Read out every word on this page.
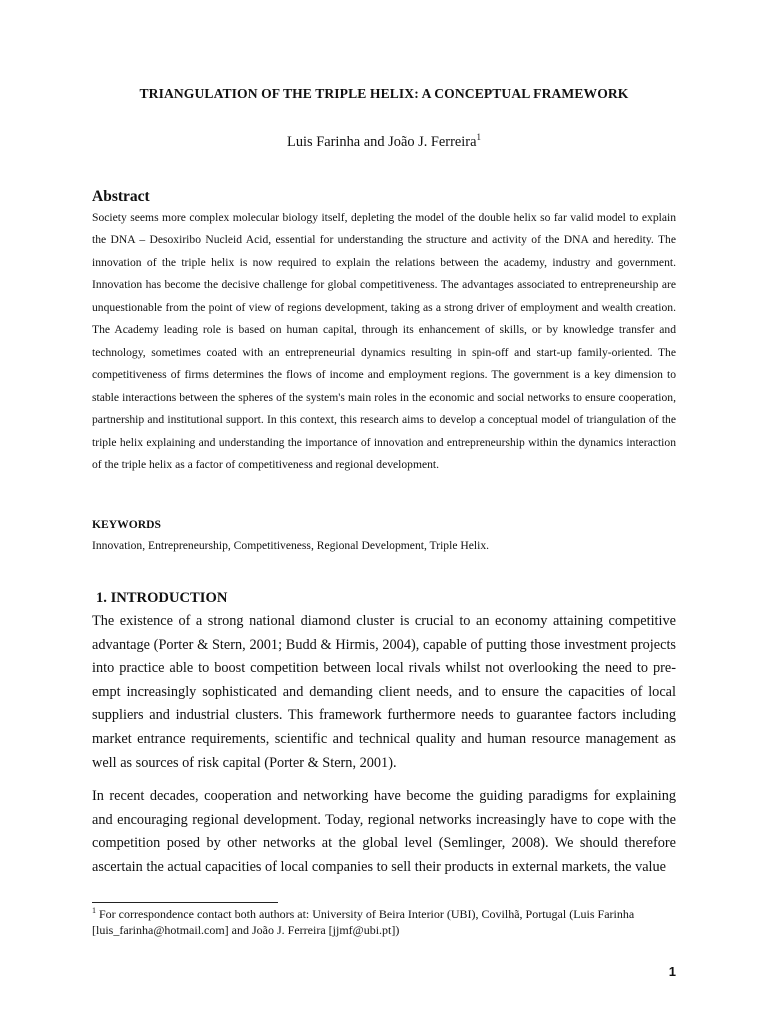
TRIANGULATION OF THE TRIPLE HELIX: A CONCEPTUAL FRAMEWORK
Luis Farinha and João J. Ferreira$^1$
Abstract

Society seems more complex molecular biology itself, depleting the model of the double helix so far valid model to explain the DNA – Desoxiribo Nucleid Acid, essential for understanding the structure and activity of the DNA and heredity. The innovation of the triple helix is now required to explain the relations between the academy, industry and government. Innovation has become the decisive challenge for global competitiveness. The advantages associated to entrepreneurship are unquestionable from the point of view of regions development, taking as a strong driver of employment and wealth creation. The Academy leading role is based on human capital, through its enhancement of skills, or by knowledge transfer and technology, sometimes coated with an entrepreneurial dynamics resulting in spin-off and start-up family-oriented. The competitiveness of firms determines the flows of income and employment regions. The government is a key dimension to stable interactions between the spheres of the system's main roles in the economic and social networks to ensure cooperation, partnership and institutional support. In this context, this research aims to develop a conceptual model of triangulation of the triple helix explaining and understanding the importance of innovation and entrepreneurship within the dynamics interaction of the triple helix as a factor of competitiveness and regional development.

KEYWORDS
Innovation, Entrepreneurship, Competitiveness, Regional Development, Triple Helix.
1. INTRODUCTION

The existence of a strong national diamond cluster is crucial to an economy attaining competitive advantage (Porter & Stern, 2001; Budd & Hirmis, 2004), capable of putting those investment projects into practice able to boost competition between local rivals whilst not overlooking the need to pre-empt increasingly sophisticated and demanding client needs, and to ensure the capacities of local suppliers and industrial clusters. This framework furthermore needs to guarantee factors including market entrance requirements, scientific and technical quality and human resource management as well as sources of risk capital (Porter & Stern, 2001).

In recent decades, cooperation and networking have become the guiding paradigms for explaining and encouraging regional development. Today, regional networks increasingly have to cope with the competition posed by other networks at the global level (Semlinger, 2008). We should therefore ascertain the actual capacities of local companies to sell their products in external markets, the value

$^1$ For correspondence contact both authors at: University of Beira Interior (UBI), Covilhã, Portugal (Luis Farinha [luis_farinha@hotmail.com] and João J. Ferreira [jjmf@ubi.pt])

1
